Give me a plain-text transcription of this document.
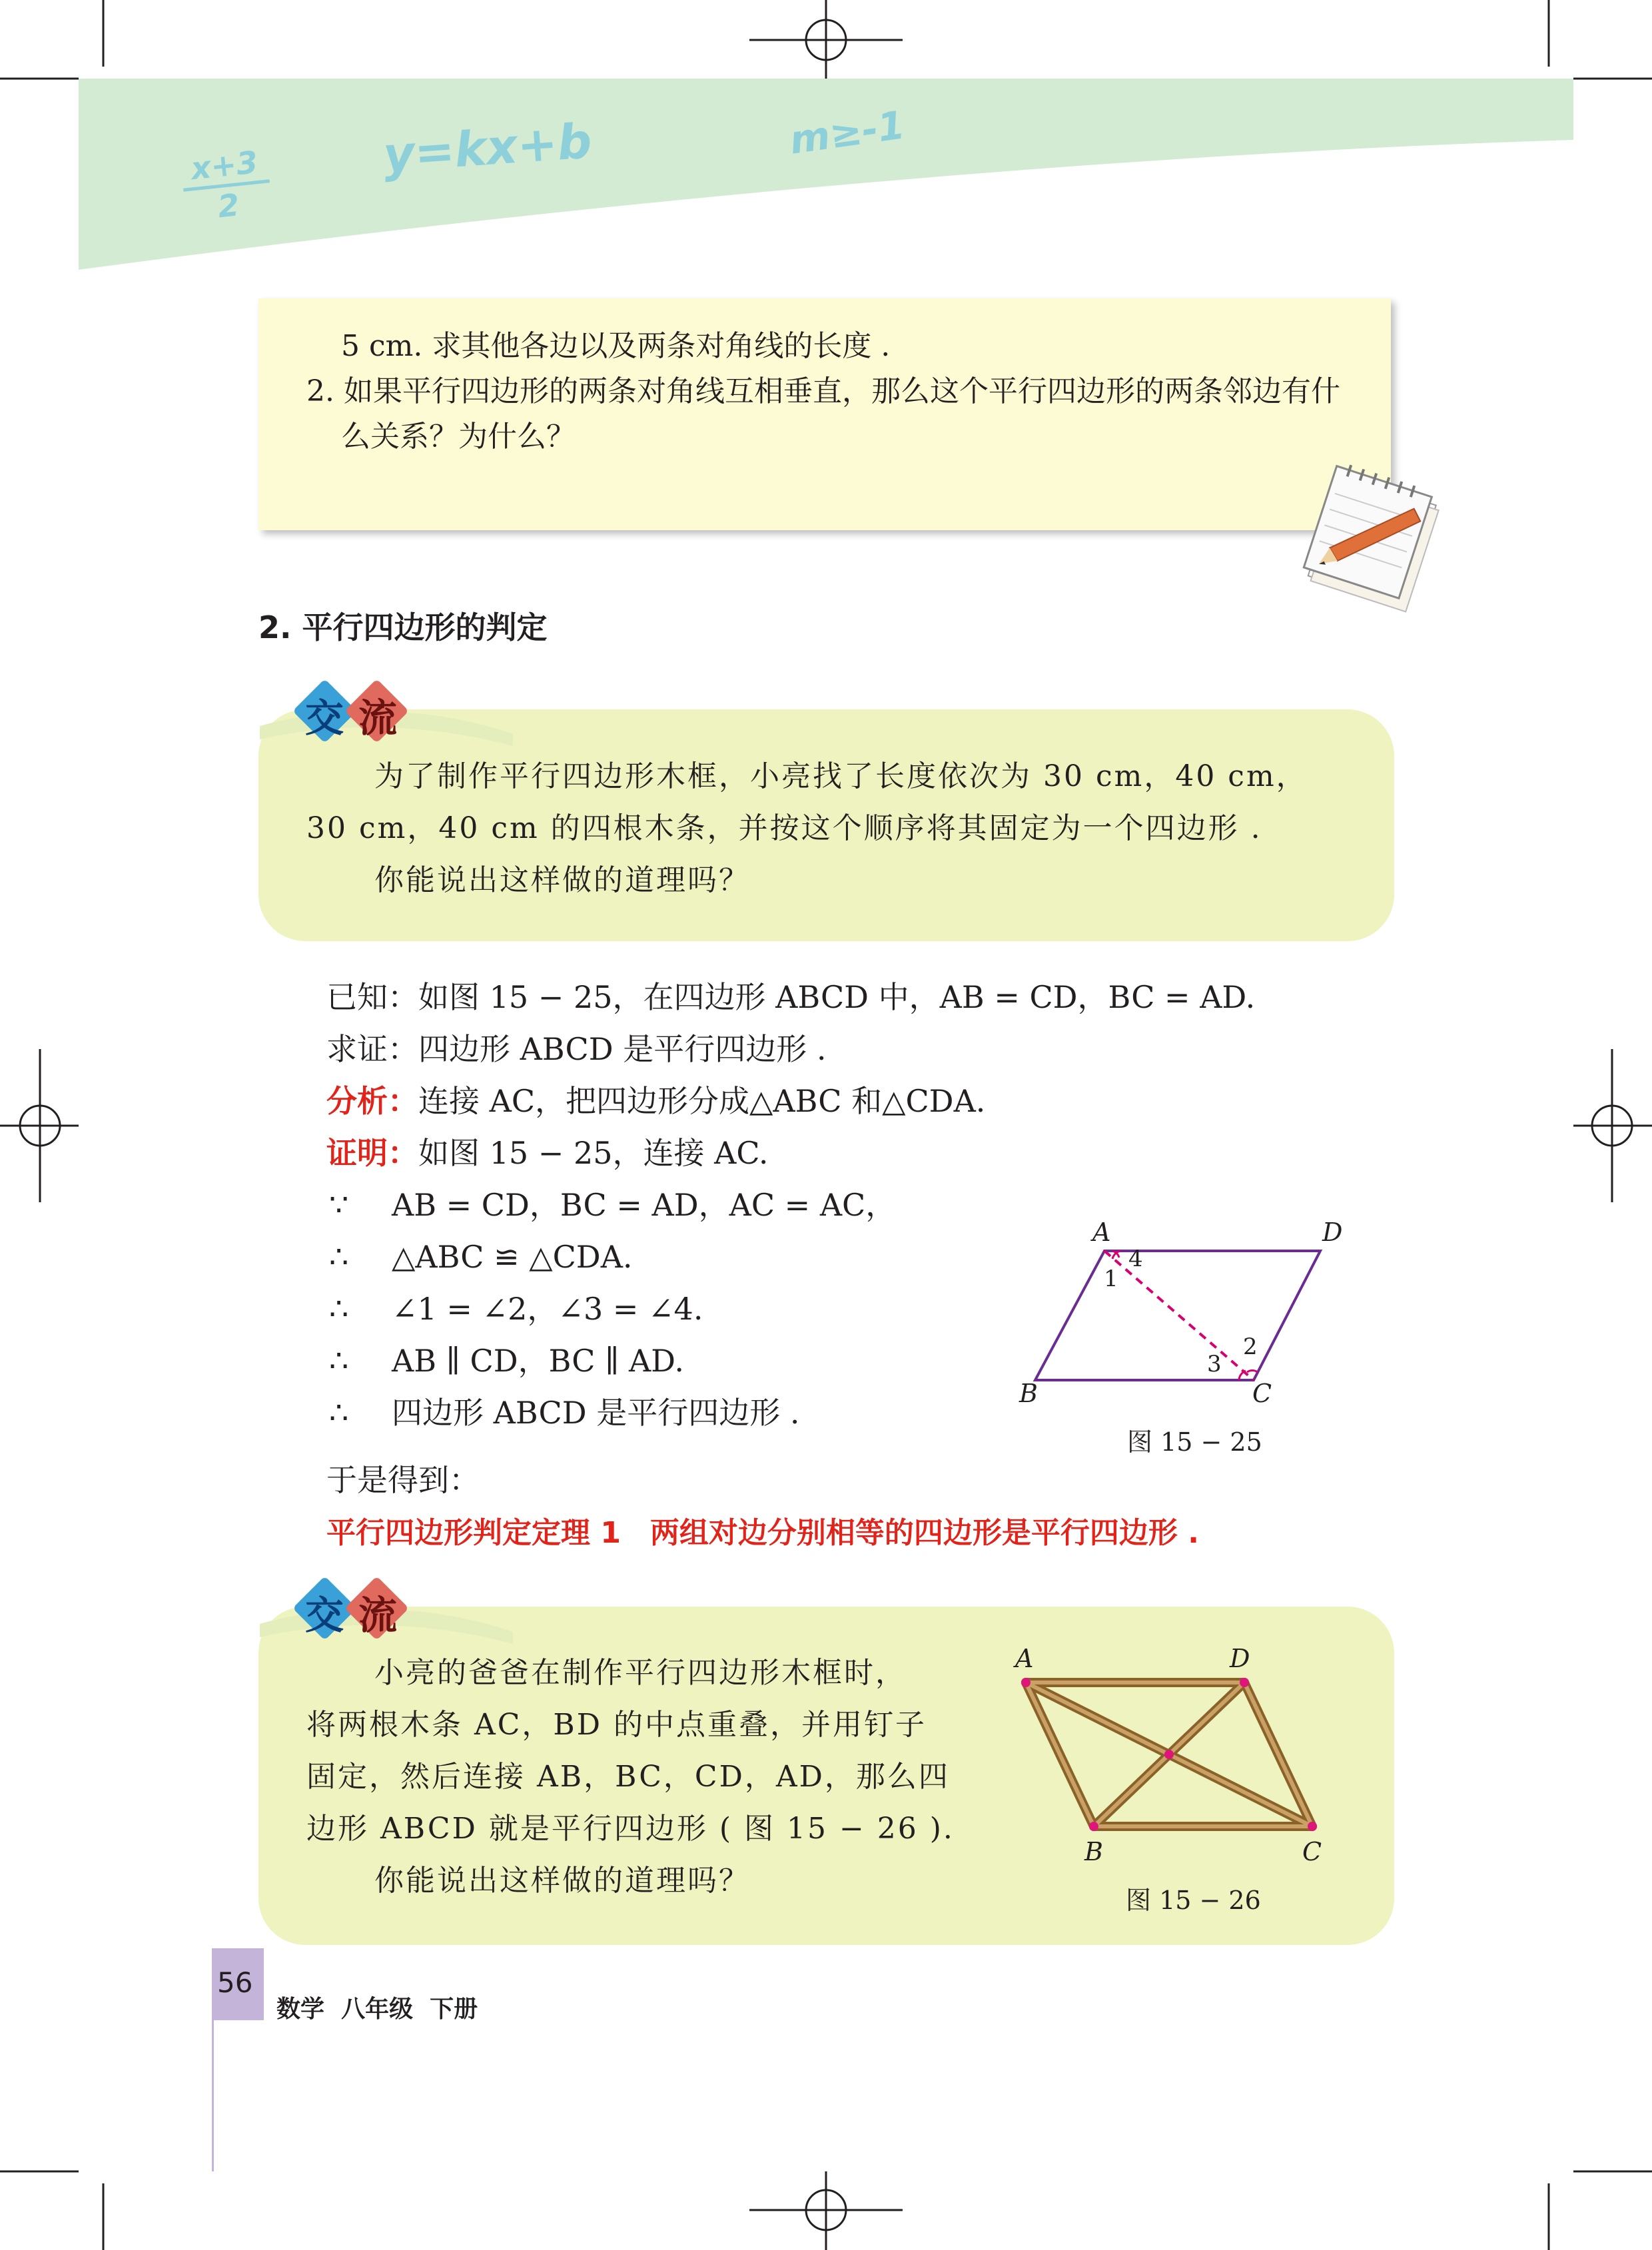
x+3
2
y=kx+b	m≥-1
5 cm. 求其他各边以及两条对角线的长度 .
2. 如果平行四边形的两条对角线互相垂直，那么这个平行四边形的两条邻边有什
么关系？为什么？
2. 平行四边形的判定
交 流
为了制作平行四边形木框，小亮找了长度依次为 30 cm，40 cm，
30 cm，40 cm 的四根木条，并按这个顺序将其固定为一个四边形 .
你能说出这样做的道理吗？
已知：如图 15 − 25，在四边形 ABCD 中，AB = CD，BC = AD.
求证：四边形 ABCD 是平行四边形 .
分析：连接 AC，把四边形分成△ABC 和△CDA.
证明：如图 15 − 25，连接 AC.
∵ AB = CD，BC = AD，AC = AC，
∴ △ABC ≌ △CDA.
∴ ∠1 = ∠2，∠3 = ∠4.
∴ AB ∥ CD，BC ∥ AD.
∴ 四边形 ABCD 是平行四边形 .
于是得到：
平行四边形判定定理 1　两组对边分别相等的四边形是平行四边形 .
A	D
B	C
1
2
3
4
图 15 − 25
交 流
小亮的爸爸在制作平行四边形木框时，
将两根木条 AC，BD 的中点重叠，并用钉子
固定，然后连接 AB，BC，CD，AD，那么四
边形 ABCD 就是平行四边形 ( 图 15 − 26 ).
你能说出这样做的道理吗？
A	D
B	C
图 15 − 26
56
数学  八年级  下册
